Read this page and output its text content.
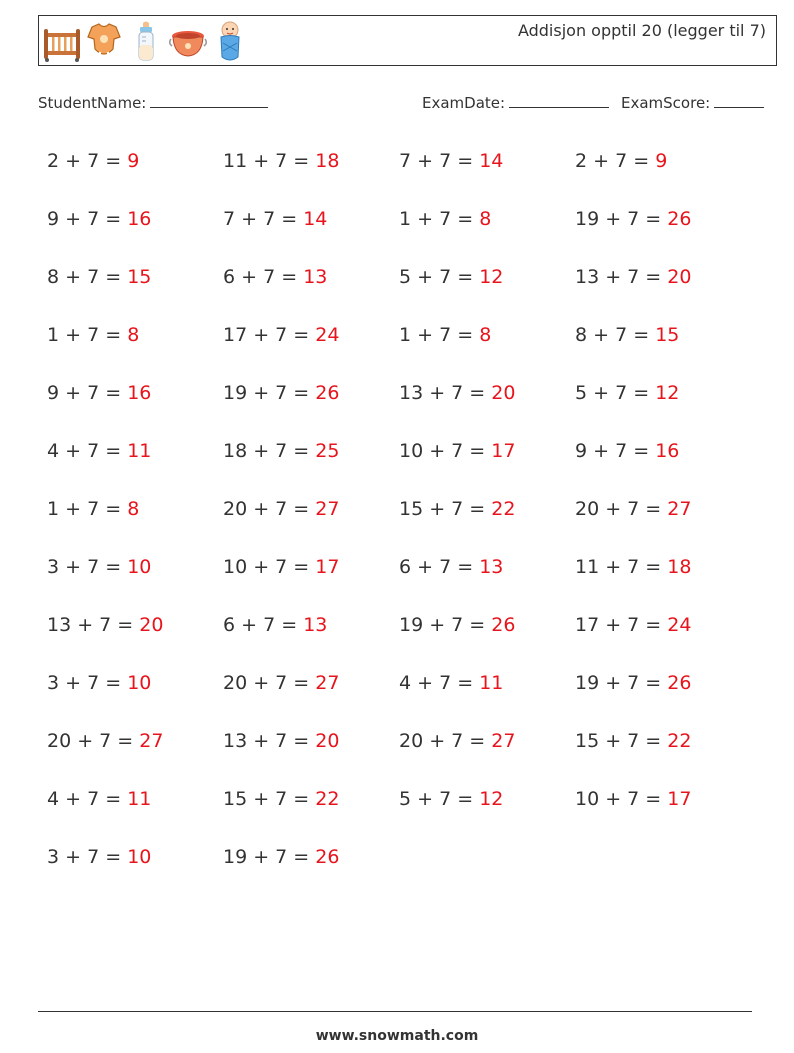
Addisjon opptil 20 (legger til 7)
StudentName:	ExamDate:	ExamScore:
2 + 7 = 9	11 + 7 = 18	7 + 7 = 14	2 + 7 = 9
9 + 7 = 16	7 + 7 = 14	1 + 7 = 8	19 + 7 = 26
8 + 7 = 15	6 + 7 = 13	5 + 7 = 12	13 + 7 = 20
1 + 7 = 8	17 + 7 = 24	1 + 7 = 8	8 + 7 = 15
9 + 7 = 16	19 + 7 = 26	13 + 7 = 20	5 + 7 = 12
4 + 7 = 11	18 + 7 = 25	10 + 7 = 17	9 + 7 = 16
1 + 7 = 8	20 + 7 = 27	15 + 7 = 22	20 + 7 = 27
3 + 7 = 10	10 + 7 = 17	6 + 7 = 13	11 + 7 = 18
13 + 7 = 20	6 + 7 = 13	19 + 7 = 26	17 + 7 = 24
3 + 7 = 10	20 + 7 = 27	4 + 7 = 11	19 + 7 = 26
20 + 7 = 27	13 + 7 = 20	20 + 7 = 27	15 + 7 = 22
4 + 7 = 11	15 + 7 = 22	5 + 7 = 12	10 + 7 = 17
3 + 7 = 10	19 + 7 = 26
www.snowmath.com
